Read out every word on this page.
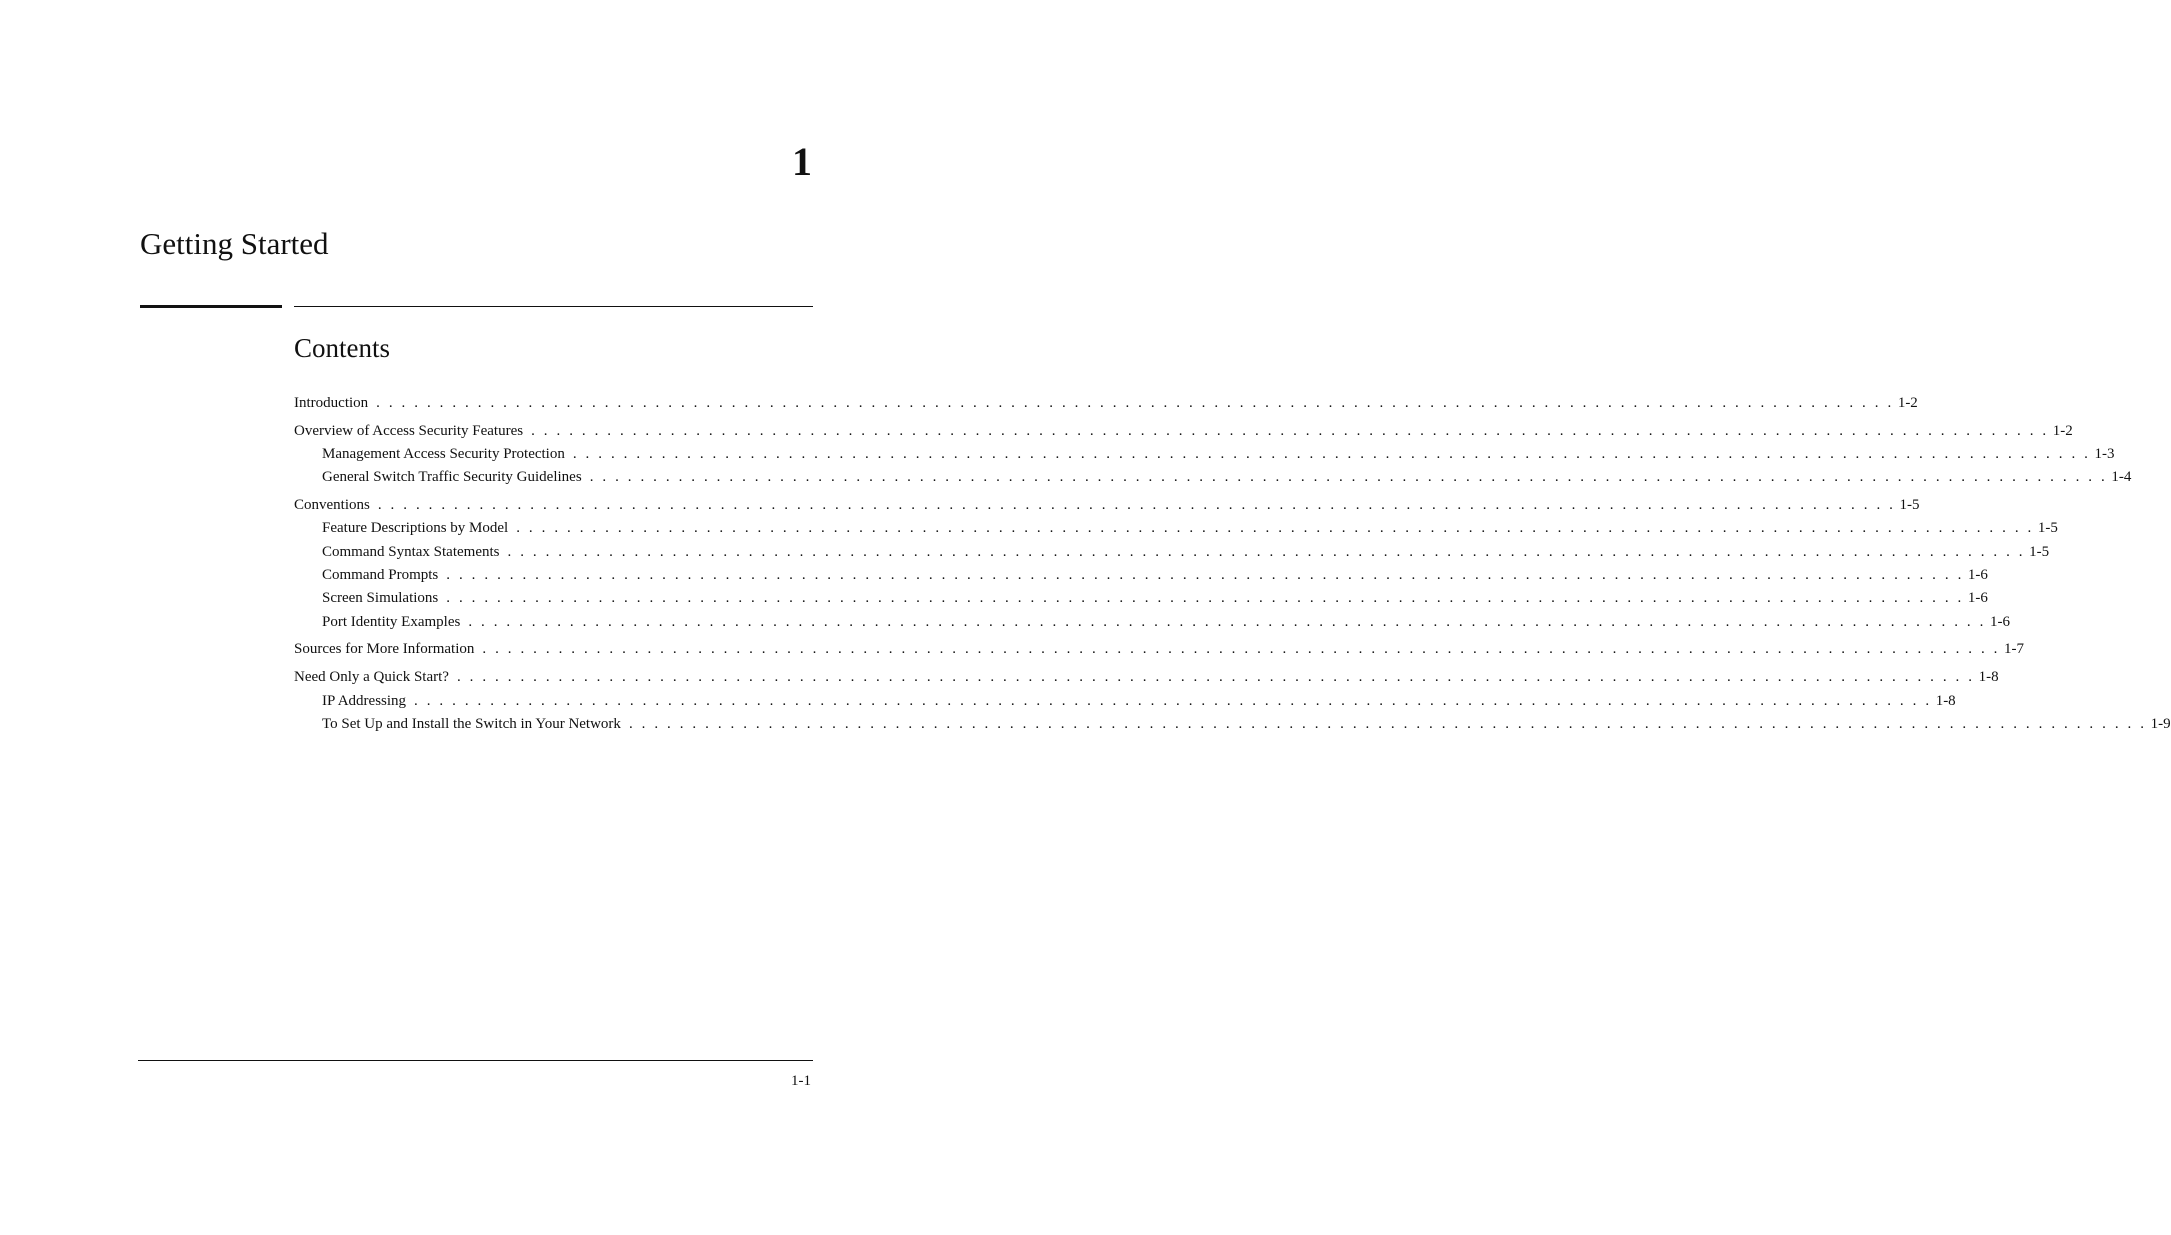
1
Getting Started
Contents
Introduction . . . . . . . . . . . . . . . . . . . . . . . . . . . . . . . . . . . . . . . . . . . . . . . . . . . . . . . . . . . . . . . . . . . . . . . . . . . . . . . . . . . . . . . . . . . . . . . . . . . . . . . . . . . . . . . . . . . . . . . . 1-2
Overview of Access Security Features . . . . . . . . . . . . . . . . . . . . . . . . . . . . . . . . . . . . . . . . . . . . . . . . . . . . . . . . . . . . . . . . . . . . . . . . . . . . . . . . . . . . . . . . . . . . . . . . . . . . . . . . . . . . . . . . . . . . . . . . 1-2
Management Access Security Protection . . . . . . . . . . . . . . . . . . . . . . . . . . . . . . . . . . . . . . . . . . . . . . . . . . . . . . . . . . . . . . . . . . . . . . . . . . . . . . . . . . . . . . . . . . . . . . . . . . . . . . . . . . . . . . . . . . . . . . . . 1-3
General Switch Traffic Security Guidelines . . . . . . . . . . . . . . . . . . . . . . . . . . . . . . . . . . . . . . . . . . . . . . . . . . . . . . . . . . . . . . . . . . . . . . . . . . . . . . . . . . . . . . . . . . . . . . . . . . . . . . . . . . . . . . . . . . . . . . . . 1-4
Conventions . . . . . . . . . . . . . . . . . . . . . . . . . . . . . . . . . . . . . . . . . . . . . . . . . . . . . . . . . . . . . . . . . . . . . . . . . . . . . . . . . . . . . . . . . . . . . . . . . . . . . . . . . . . . . . . . . . . . . . . . 1-5
Feature Descriptions by Model . . . . . . . . . . . . . . . . . . . . . . . . . . . . . . . . . . . . . . . . . . . . . . . . . . . . . . . . . . . . . . . . . . . . . . . . . . . . . . . . . . . . . . . . . . . . . . . . . . . . . . . . . . . . . . . . . . . . . . . . 1-5
Command Syntax Statements . . . . . . . . . . . . . . . . . . . . . . . . . . . . . . . . . . . . . . . . . . . . . . . . . . . . . . . . . . . . . . . . . . . . . . . . . . . . . . . . . . . . . . . . . . . . . . . . . . . . . . . . . . . . . . . . . . . . . . . . 1-5
Command Prompts . . . . . . . . . . . . . . . . . . . . . . . . . . . . . . . . . . . . . . . . . . . . . . . . . . . . . . . . . . . . . . . . . . . . . . . . . . . . . . . . . . . . . . . . . . . . . . . . . . . . . . . . . . . . . . . . . . . . . . . . 1-6
Screen Simulations . . . . . . . . . . . . . . . . . . . . . . . . . . . . . . . . . . . . . . . . . . . . . . . . . . . . . . . . . . . . . . . . . . . . . . . . . . . . . . . . . . . . . . . . . . . . . . . . . . . . . . . . . . . . . . . . . . . . . . . . 1-6
Port Identity Examples . . . . . . . . . . . . . . . . . . . . . . . . . . . . . . . . . . . . . . . . . . . . . . . . . . . . . . . . . . . . . . . . . . . . . . . . . . . . . . . . . . . . . . . . . . . . . . . . . . . . . . . . . . . . . . . . . . . . . . . . 1-6
Sources for More Information . . . . . . . . . . . . . . . . . . . . . . . . . . . . . . . . . . . . . . . . . . . . . . . . . . . . . . . . . . . . . . . . . . . . . . . . . . . . . . . . . . . . . . . . . . . . . . . . . . . . . . . . . . . . . . . . . . . . . . . . 1-7
Need Only a Quick Start? . . . . . . . . . . . . . . . . . . . . . . . . . . . . . . . . . . . . . . . . . . . . . . . . . . . . . . . . . . . . . . . . . . . . . . . . . . . . . . . . . . . . . . . . . . . . . . . . . . . . . . . . . . . . . . . . . . . . . . . . 1-8
IP Addressing . . . . . . . . . . . . . . . . . . . . . . . . . . . . . . . . . . . . . . . . . . . . . . . . . . . . . . . . . . . . . . . . . . . . . . . . . . . . . . . . . . . . . . . . . . . . . . . . . . . . . . . . . . . . . . . . . . . . . . . . 1-8
To Set Up and Install the Switch in Your Network . . . . . . . . . . . . . . . . . . . . . . . . . . . . . . . . . . . . . . . . . . . . . . . . . . . . . . . . . . . . . . . . . . . . . . . . . . . . . . . . . . . . . . . . . . . . . . . . . . . . . . . . . . . . . . . . . . . . . . . . 1-9
1-1
